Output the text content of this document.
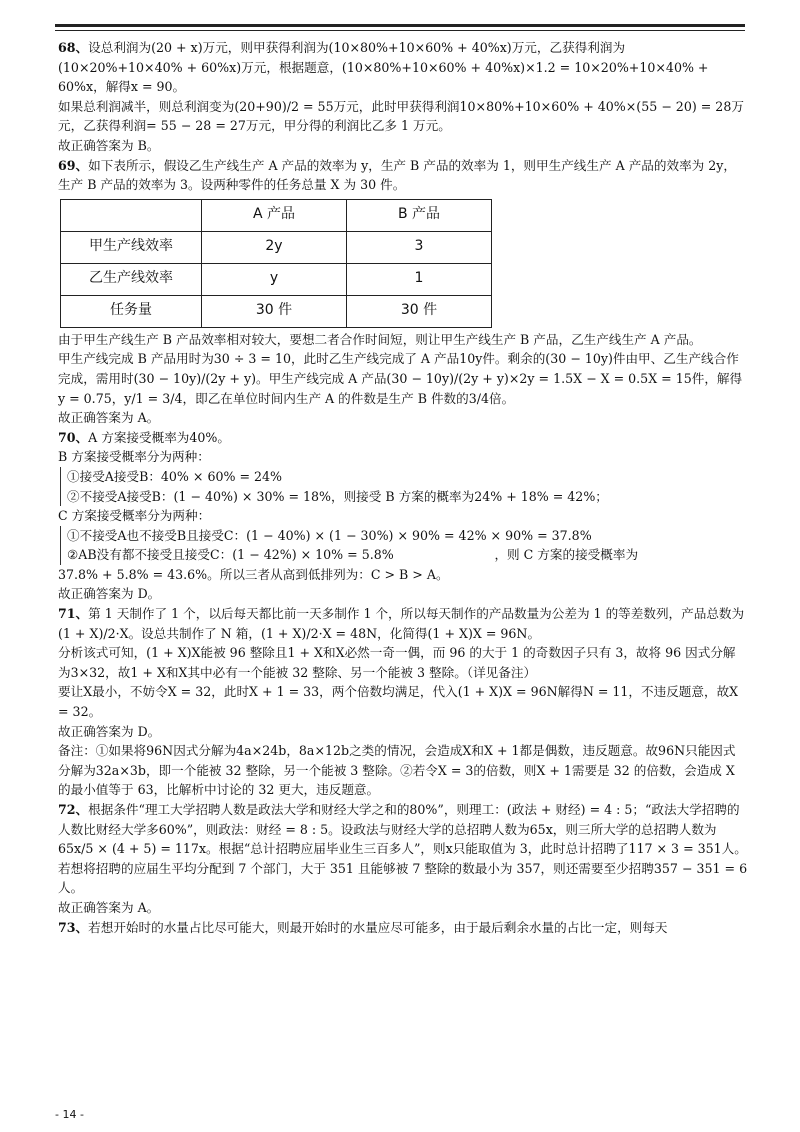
68、设总利润为(20 + x)万元，则甲获得利润为(10×80%+10×60% + 40%x)万元，乙获得利润为(10×20%+10×40% + 60%x)万元，根据题意，(10×80%+10×60% + 40%x)×1.2 = 10×20%+10×40% + 60%x，解得x = 90。

如果总利润减半，则总利润变为(20+90)/2 = 55万元，此时甲获得利润10×80%+10×60% + 40%×(55 − 20) = 28万元，乙获得利润= 55 − 28 = 27万元，甲分得的利润比乙多 1 万元。

故正确答案为 B。

69、如下表所示，假设乙生产线生产 A 产品的效率为 y，生产 B 产品的效率为 1，则甲生产线生产 A 产品的效率为 2y，生产 B 产品的效率为 3。设两种零件的任务总量 X 为 30 件。

	A 产品	B 产品
甲生产线效率	2y	3
乙生产线效率	y	1
任务量	30 件	30 件

由于甲生产线生产 B 产品效率相对较大，要想二者合作时间短，则让甲生产线生产 B 产品，乙生产线生产 A 产品。

甲生产线完成 B 产品用时为30 ÷ 3 = 10，此时乙生产线完成了 A 产品10y件。剩余的(30 − 10y)件由甲、乙生产线合作完成，需用时(30 − 10y)/(2y + y)。甲生产线完成 A 产品(30 − 10y)/(2y + y)×2y = 1.5X − X = 0.5X = 15件，解得y = 0.75，y/1 = 3/4，即乙在单位时间内生产 A 的件数是生产 B 件数的3/4倍。

故正确答案为 A。

70、A 方案接受概率为40%。

B 方案接受概率分为两种：

①接受A接受B：40% × 60% = 24%

②不接受A接受B：(1 − 40%) × 30% = 18%，则接受 B 方案的概率为24% + 18% = 42%；

C 方案接受概率分为两种：

①不接受A也不接受B且接受C：(1 − 40%) × (1 − 30%) × 90% = 42% × 90% = 37.8%

②AB没有都不接受且接受C：(1 − 42%) × 10% = 5.8%　　　　　　　　，则 C 方案的接受概率为

37.8% + 5.8% = 43.6%。所以三者从高到低排列为：C > B > A。

故正确答案为 D。

71、第 1 天制作了 1 个，以后每天都比前一天多制作 1 个，所以每天制作的产品数量为公差为 1 的等差数列，产品总数为(1 + X)/2·X。设总共制作了 N 箱，(1 + X)/2·X = 48N，化简得(1 + X)X = 96N。

分析该式可知，(1 + X)X能被 96 整除且1 + X和X必然一奇一偶，而 96 的大于 1 的奇数因子只有 3，故将 96 因式分解为3×32，故1 + X和X其中必有一个能被 32 整除、另一个能被 3 整除。（详见备注）

要让X最小，不妨令X = 32，此时X + 1 = 33，两个倍数均满足，代入(1 + X)X = 96N解得N = 11，不违反题意，故X = 32。

故正确答案为 D。

备注：①如果将96N因式分解为4a×24b，8a×12b之类的情况，会造成X和X + 1都是偶数，违反题意。故96N只能因式分解为32a×3b，即一个能被 32 整除，另一个能被 3 整除。②若令X = 3的倍数，则X + 1需要是 32 的倍数，会造成 X 的最小值等于 63，比解析中讨论的 32 更大，违反题意。

72、根据条件“理工大学招聘人数是政法大学和财经大学之和的80%”，则理工：(政法 + 财经) = 4 : 5；“政法大学招聘的人数比财经大学多60%”，则政法：财经 = 8 : 5。设政法与财经大学的总招聘人数为65x，则三所大学的总招聘人数为65x/5 × (4 + 5) = 117x。根据“总计招聘应届毕业生三百多人”，则x只能取值为 3，此时总计招聘了117 × 3 = 351人。

若想将招聘的应届生平均分配到 7 个部门，大于 351 且能够被 7 整除的数最小为 357，则还需要至少招聘357 − 351 = 6人。

故正确答案为 A。

73、若想开始时的水量占比尽可能大，则最开始时的水量应尽可能多，由于最后剩余水量的占比一定，则每天

- 14 -
